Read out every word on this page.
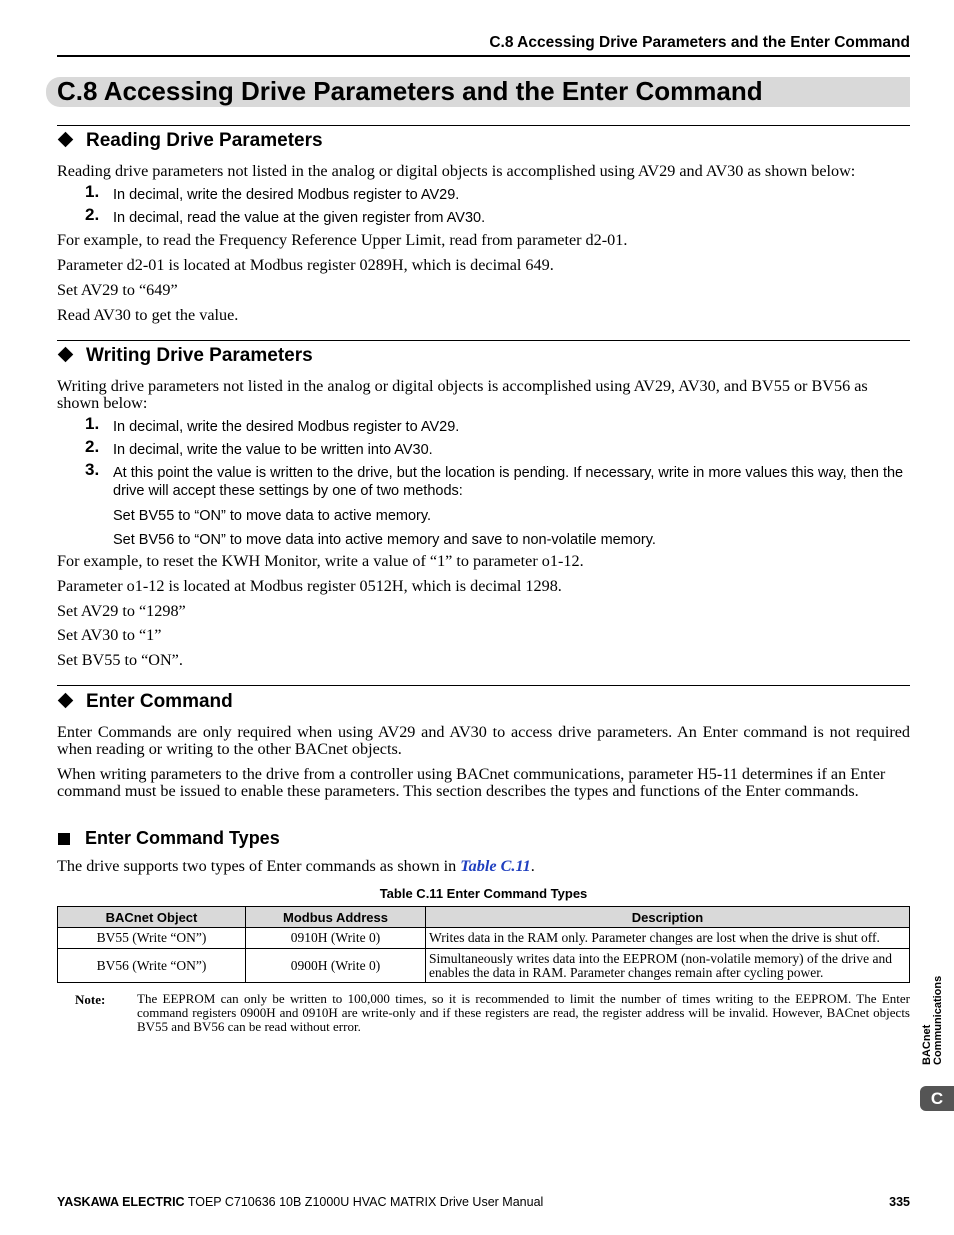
C.8 Accessing Drive Parameters and the Enter Command
C.8 Accessing Drive Parameters and the Enter Command
Reading Drive Parameters
Reading drive parameters not listed in the analog or digital objects is accomplished using AV29 and AV30 as shown below:
1. In decimal, write the desired Modbus register to AV29.
2. In decimal, read the value at the given register from AV30.
For example, to read the Frequency Reference Upper Limit, read from parameter d2-01.
Parameter d2-01 is located at Modbus register 0289H, which is decimal 649.
Set AV29 to “649”
Read AV30 to get the value.
Writing Drive Parameters
Writing drive parameters not listed in the analog or digital objects is accomplished using AV29, AV30, and BV55 or BV56 as shown below:
1. In decimal, write the desired Modbus register to AV29.
2. In decimal, write the value to be written into AV30.
3. At this point the value is written to the drive, but the location is pending. If necessary, write in more values this way, then the drive will accept these settings by one of two methods:
Set BV55 to “ON” to move data to active memory.
Set BV56 to “ON” to move data into active memory and save to non-volatile memory.
For example, to reset the KWH Monitor, write a value of “1” to parameter o1-12.
Parameter o1-12 is located at Modbus register 0512H, which is decimal 1298.
Set AV29 to “1298”
Set AV30 to “1”
Set BV55 to “ON”.
Enter Command
Enter Commands are only required when using AV29 and AV30 to access drive parameters. An Enter command is not required when reading or writing to the other BACnet objects.
When writing parameters to the drive from a controller using BACnet communications, parameter H5-11 determines if an Enter command must be issued to enable these parameters. This section describes the types and functions of the Enter commands.
Enter Command Types
The drive supports two types of Enter commands as shown in Table C.11.
Table C.11 Enter Command Types
BACnet Object	Modbus Address	Description
BV55 (Write “ON”)	0910H (Write 0)	Writes data in the RAM only. Parameter changes are lost when the drive is shut off.
BV56 (Write “ON”)	0900H (Write 0)	Simultaneously writes data into the EEPROM (non-volatile memory) of the drive and enables the data in RAM. Parameter changes remain after cycling power.
Note: The EEPROM can only be written to 100,000 times, so it is recommended to limit the number of times writing to the EEPROM. The Enter command registers 0900H and 0910H are write-only and if these registers are read, the register address will be invalid. However, BACnet objects BV55 and BV56 can be read without error.	BACnet Communications
C
YASKAWA ELECTRIC TOEP C710636 10B Z1000U HVAC MATRIX Drive User Manual	335
